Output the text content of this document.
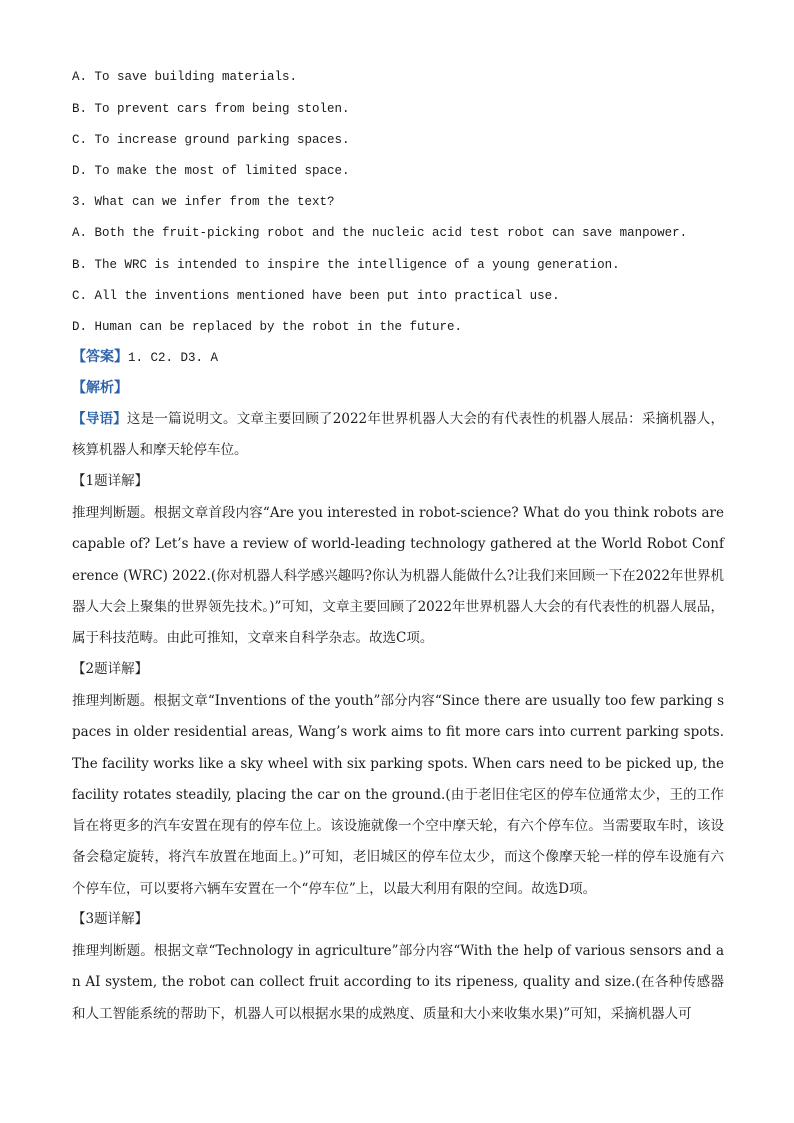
A. To save building materials.
B. To prevent cars from being stolen.
C. To increase ground parking spaces.
D. To make the most of limited space.
3. What can we infer from the text?
A. Both the fruit-picking robot and the nucleic acid test robot can save manpower.
B. The WRC is intended to inspire the intelligence of a young generation.
C. All the inventions mentioned have been put into practical use.
D. Human can be replaced by the robot in the future.
【答案】1. C2. D3. A
【解析】
【导语】这是一篇说明文。文章主要回顾了2022年世界机器人大会的有代表性的机器人展品：采摘机器人，核算机器人和摩天轮停车位。
【1题详解】
推理判断题。根据文章首段内容“Are you interested in robot-science? What do you think robots are capable of? Let’s have a review of world-leading technology gathered at the World Robot Conference (WRC) 2022.(你对机器人科学感兴趣吗?你认为机器人能做什么?让我们来回顾一下在2022年世界机器人大会上聚集的世界领先技术。)”可知，文章主要回顾了2022年世界机器人大会的有代表性的机器人展品，属于科技范畴。由此可推知，文章来自科学杂志。故选C项。
【2题详解】
推理判断题。根据文章“Inventions of the youth”部分内容“Since there are usually too few parking spaces in older residential areas, Wang’s work aims to fit more cars into current parking spots. The facility works like a sky wheel with six parking spots. When cars need to be picked up, the facility rotates steadily, placing the car on the ground.(由于老旧住宅区的停车位通常太少，王的工作旨在将更多的汽车安置在现有的停车位上。该设施就像一个空中摩天轮，有六个停车位。当需要取车时，该设备会稳定旋转，将汽车放置在地面上。)”可知，老旧城区的停车位太少，而这个像摩天轮一样的停车设施有六个停车位，可以要将六辆车安置在一个“停车位”上，以最大利用有限的空间。故选D项。
【3题详解】
推理判断题。根据文章“Technology in agriculture”部分内容“With the help of various sensors and an AI system, the robot can collect fruit according to its ripeness, quality and size.(在各种传感器和人工智能系统的帮助下，机器人可以根据水果的成熟度、质量和大小来收集水果)”可知，采摘机器人可
